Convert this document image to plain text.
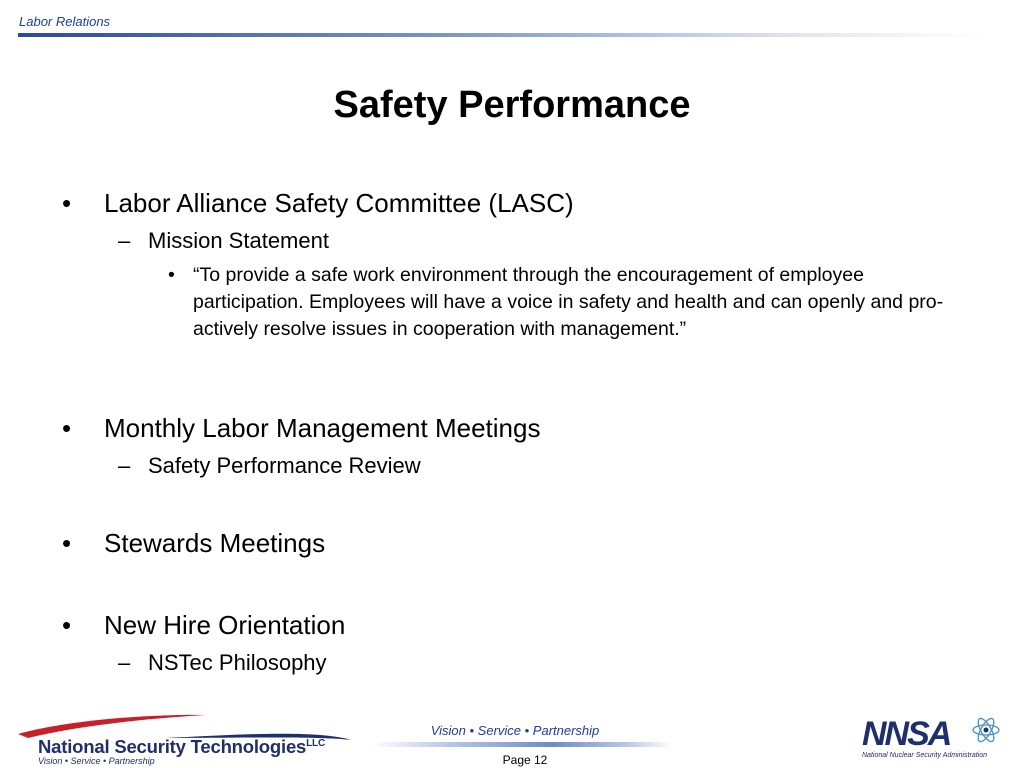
Labor Relations
Safety Performance
•	Labor Alliance Safety Committee (LASC)
– Mission Statement
• “To provide a safe work environment through the encouragement of employee participation. Employees will have a voice in safety and health and can openly and pro-actively resolve issues in cooperation with management.”
•	Monthly Labor Management Meetings
– Safety Performance Review
•	Stewards Meetings
•	New Hire Orientation
– NSTec Philosophy
National Security Technologies$^{LLC}$
Vision • Service • Partnership
Vision • Service • Partnership
Page 12
NNSA
National Nuclear Security Administration
